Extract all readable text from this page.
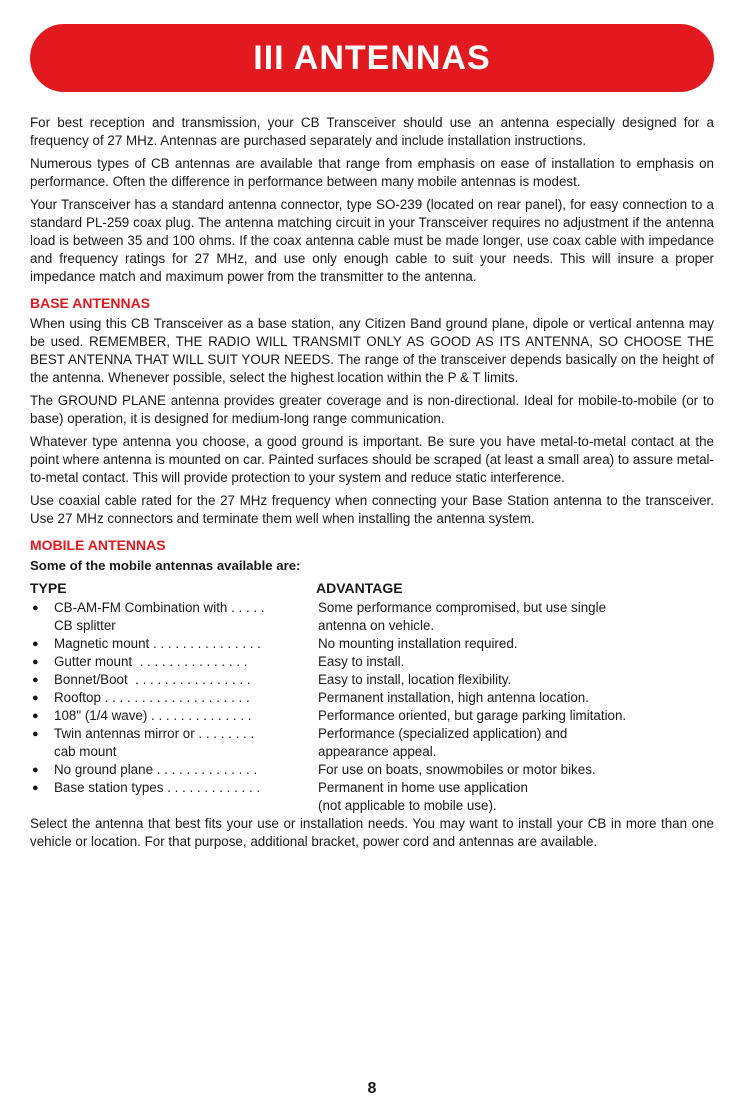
III ANTENNAS

For best reception and transmission, your CB Transceiver should use an antenna especially designed for a frequency of 27 MHz. Antennas are purchased separately and include installation instructions.

Numerous types of CB antennas are available that range from emphasis on ease of installation to emphasis on performance. Often the difference in performance between many mobile antennas is modest.

Your Transceiver has a standard antenna connector, type SO-239 (located on rear panel), for easy connection to a standard PL-259 coax plug. The antenna matching circuit in your Transceiver requires no adjustment if the antenna load is between 35 and 100 ohms. If the coax antenna cable must be made longer, use coax cable with impedance and frequency ratings for 27 MHz, and use only enough cable to suit your needs. This will insure a proper impedance match and maximum power from the transmitter to the antenna.

BASE ANTENNAS

When using this CB Transceiver as a base station, any Citizen Band ground plane, dipole or vertical antenna may be used. REMEMBER, THE RADIO WILL TRANSMIT ONLY AS GOOD AS ITS ANTENNA, SO CHOOSE THE BEST ANTENNA THAT WILL SUIT YOUR NEEDS. The range of the transceiver depends basically on the height of the antenna. Whenever possible, select the highest location within the P & T limits.

The GROUND PLANE antenna provides greater coverage and is non-directional. Ideal for mobile-to-mobile (or to base) operation, it is designed for medium-long range communication.

Whatever type antenna you choose, a good ground is important. Be sure you have metal-to-metal contact at the point where antenna is mounted on car. Painted surfaces should be scraped (at least a small area) to assure metal-to-metal contact. This will provide protection to your system and reduce static interference.

Use coaxial cable rated for the 27 MHz frequency when connecting your Base Station antenna to the transceiver. Use 27 MHz connectors and terminate them well when installing the antenna system.

MOBILE ANTENNAS
Some of the mobile antennas available are:
TYPE	ADVANTAGE
●	CB-AM-FM Combination with . . . . .	Some performance compromised, but use single
CB splitter	antenna on vehicle.
●	Magnetic mount . . . . . . . . . . . . . . .	No mounting installation required.
●	Gutter mount  . . . . . . . . . . . . . . .	Easy to install.
●	Bonnet/Boot  . . . . . . . . . . . . . . . .	Easy to install, location flexibility.
●	Rooftop . . . . . . . . . . . . . . . . . . . .	Permanent installation, high antenna location.
●	108" (1/4 wave) . . . . . . . . . . . . . .	Performance oriented, but garage parking limitation.
●	Twin antennas mirror or . . . . . . . .	Performance (specialized application) and
cab mount	appearance appeal.
●	No ground plane . . . . . . . . . . . . . .	For use on boats, snowmobiles or motor bikes.
●	Base station types . . . . . . . . . . . . .	Permanent in home use application
(not applicable to mobile use).

Select the antenna that best fits your use or installation needs. You may want to install your CB in more than one vehicle or location. For that purpose, additional bracket, power cord and antennas are available.

8
